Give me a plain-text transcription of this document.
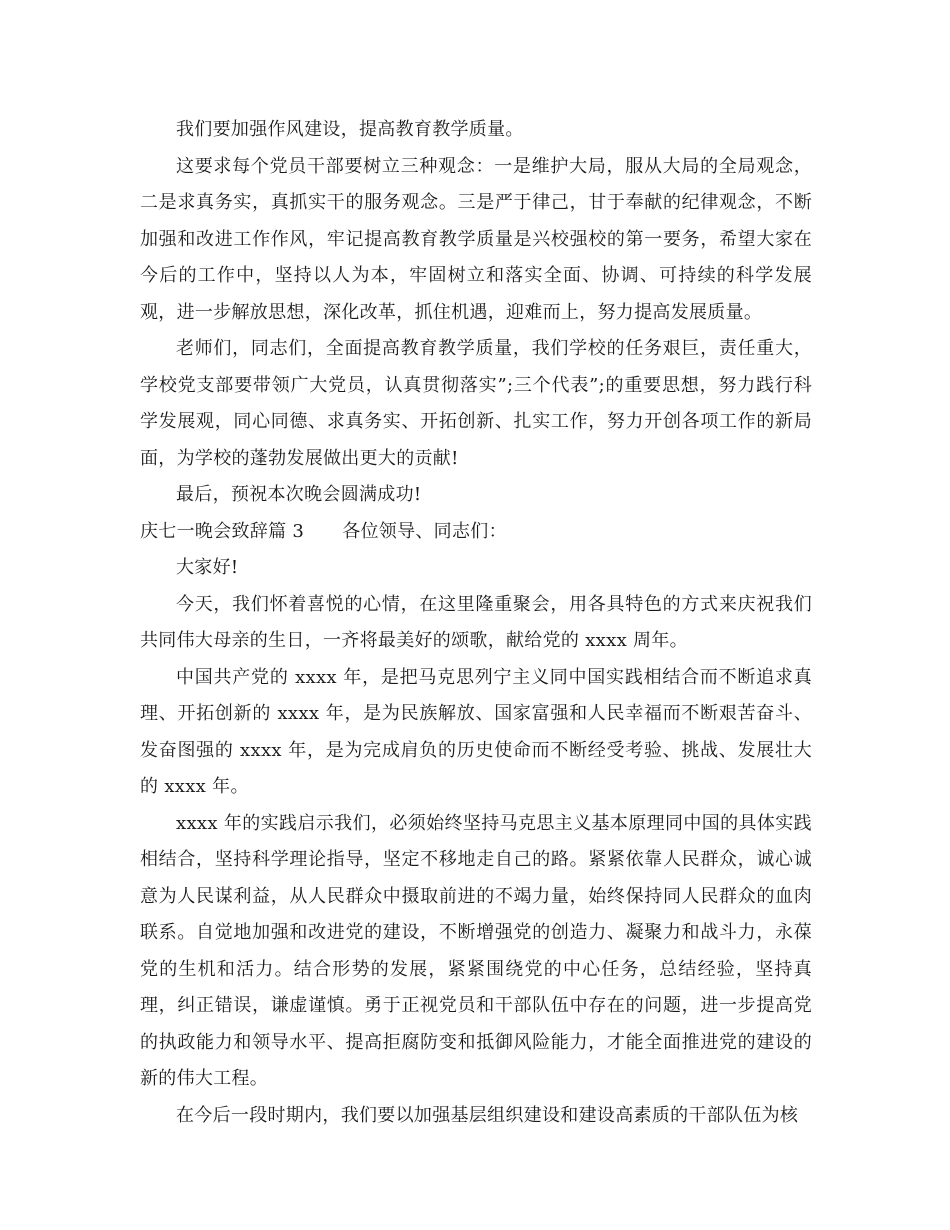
我们要加强作风建设，提高教育教学质量。

这要求每个党员干部要树立三种观念：一是维护大局，服从大局的全局观念，二是求真务实，真抓实干的服务观念。三是严于律己，甘于奉献的纪律观念，不断加强和改进工作作风，牢记提高教育教学质量是兴校强校的第一要务，希望大家在今后的工作中，坚持以人为本，牢固树立和落实全面、协调、可持续的科学发展观，进一步解放思想，深化改革，抓住机遇，迎难而上，努力提高发展质量。

老师们，同志们，全面提高教育教学质量，我们学校的任务艰巨，责任重大，学校党支部要带领广大党员，认真贯彻落实”;三个代表”;的重要思想，努力践行科学发展观，同心同德、求真务实、开拓创新、扎实工作，努力开创各项工作的新局面，为学校的蓬勃发展做出更大的贡献!

最后，预祝本次晚会圆满成功!

庆七一晚会致辞篇 3 各位领导、同志们：

大家好!

今天，我们怀着喜悦的心情，在这里隆重聚会，用各具特色的方式来庆祝我们共同伟大母亲的生日，一齐将最美好的颂歌，献给党的 xxxx 周年。

中国共产党的 xxxx 年，是把马克思列宁主义同中国实践相结合而不断追求真理、开拓创新的 xxxx 年，是为民族解放、国家富强和人民幸福而不断艰苦奋斗、发奋图强的 xxxx 年，是为完成肩负的历史使命而不断经受考验、挑战、发展壮大的 xxxx 年。

xxxx 年的实践启示我们，必须始终坚持马克思主义基本原理同中国的具体实践相结合，坚持科学理论指导，坚定不移地走自己的路。紧紧依靠人民群众，诚心诚意为人民谋利益，从人民群众中摄取前进的不竭力量，始终保持同人民群众的血肉联系。自觉地加强和改进党的建设，不断增强党的创造力、凝聚力和战斗力，永葆党的生机和活力。结合形势的发展，紧紧围绕党的中心任务，总结经验，坚持真理，纠正错误，谦虚谨慎。勇于正视党员和干部队伍中存在的问题，进一步提高党的执政能力和领导水平、提高拒腐防变和抵御风险能力，才能全面推进党的建设的新的伟大工程。

在今后一段时期内，我们要以加强基层组织建设和建设高素质的干部队伍为核
